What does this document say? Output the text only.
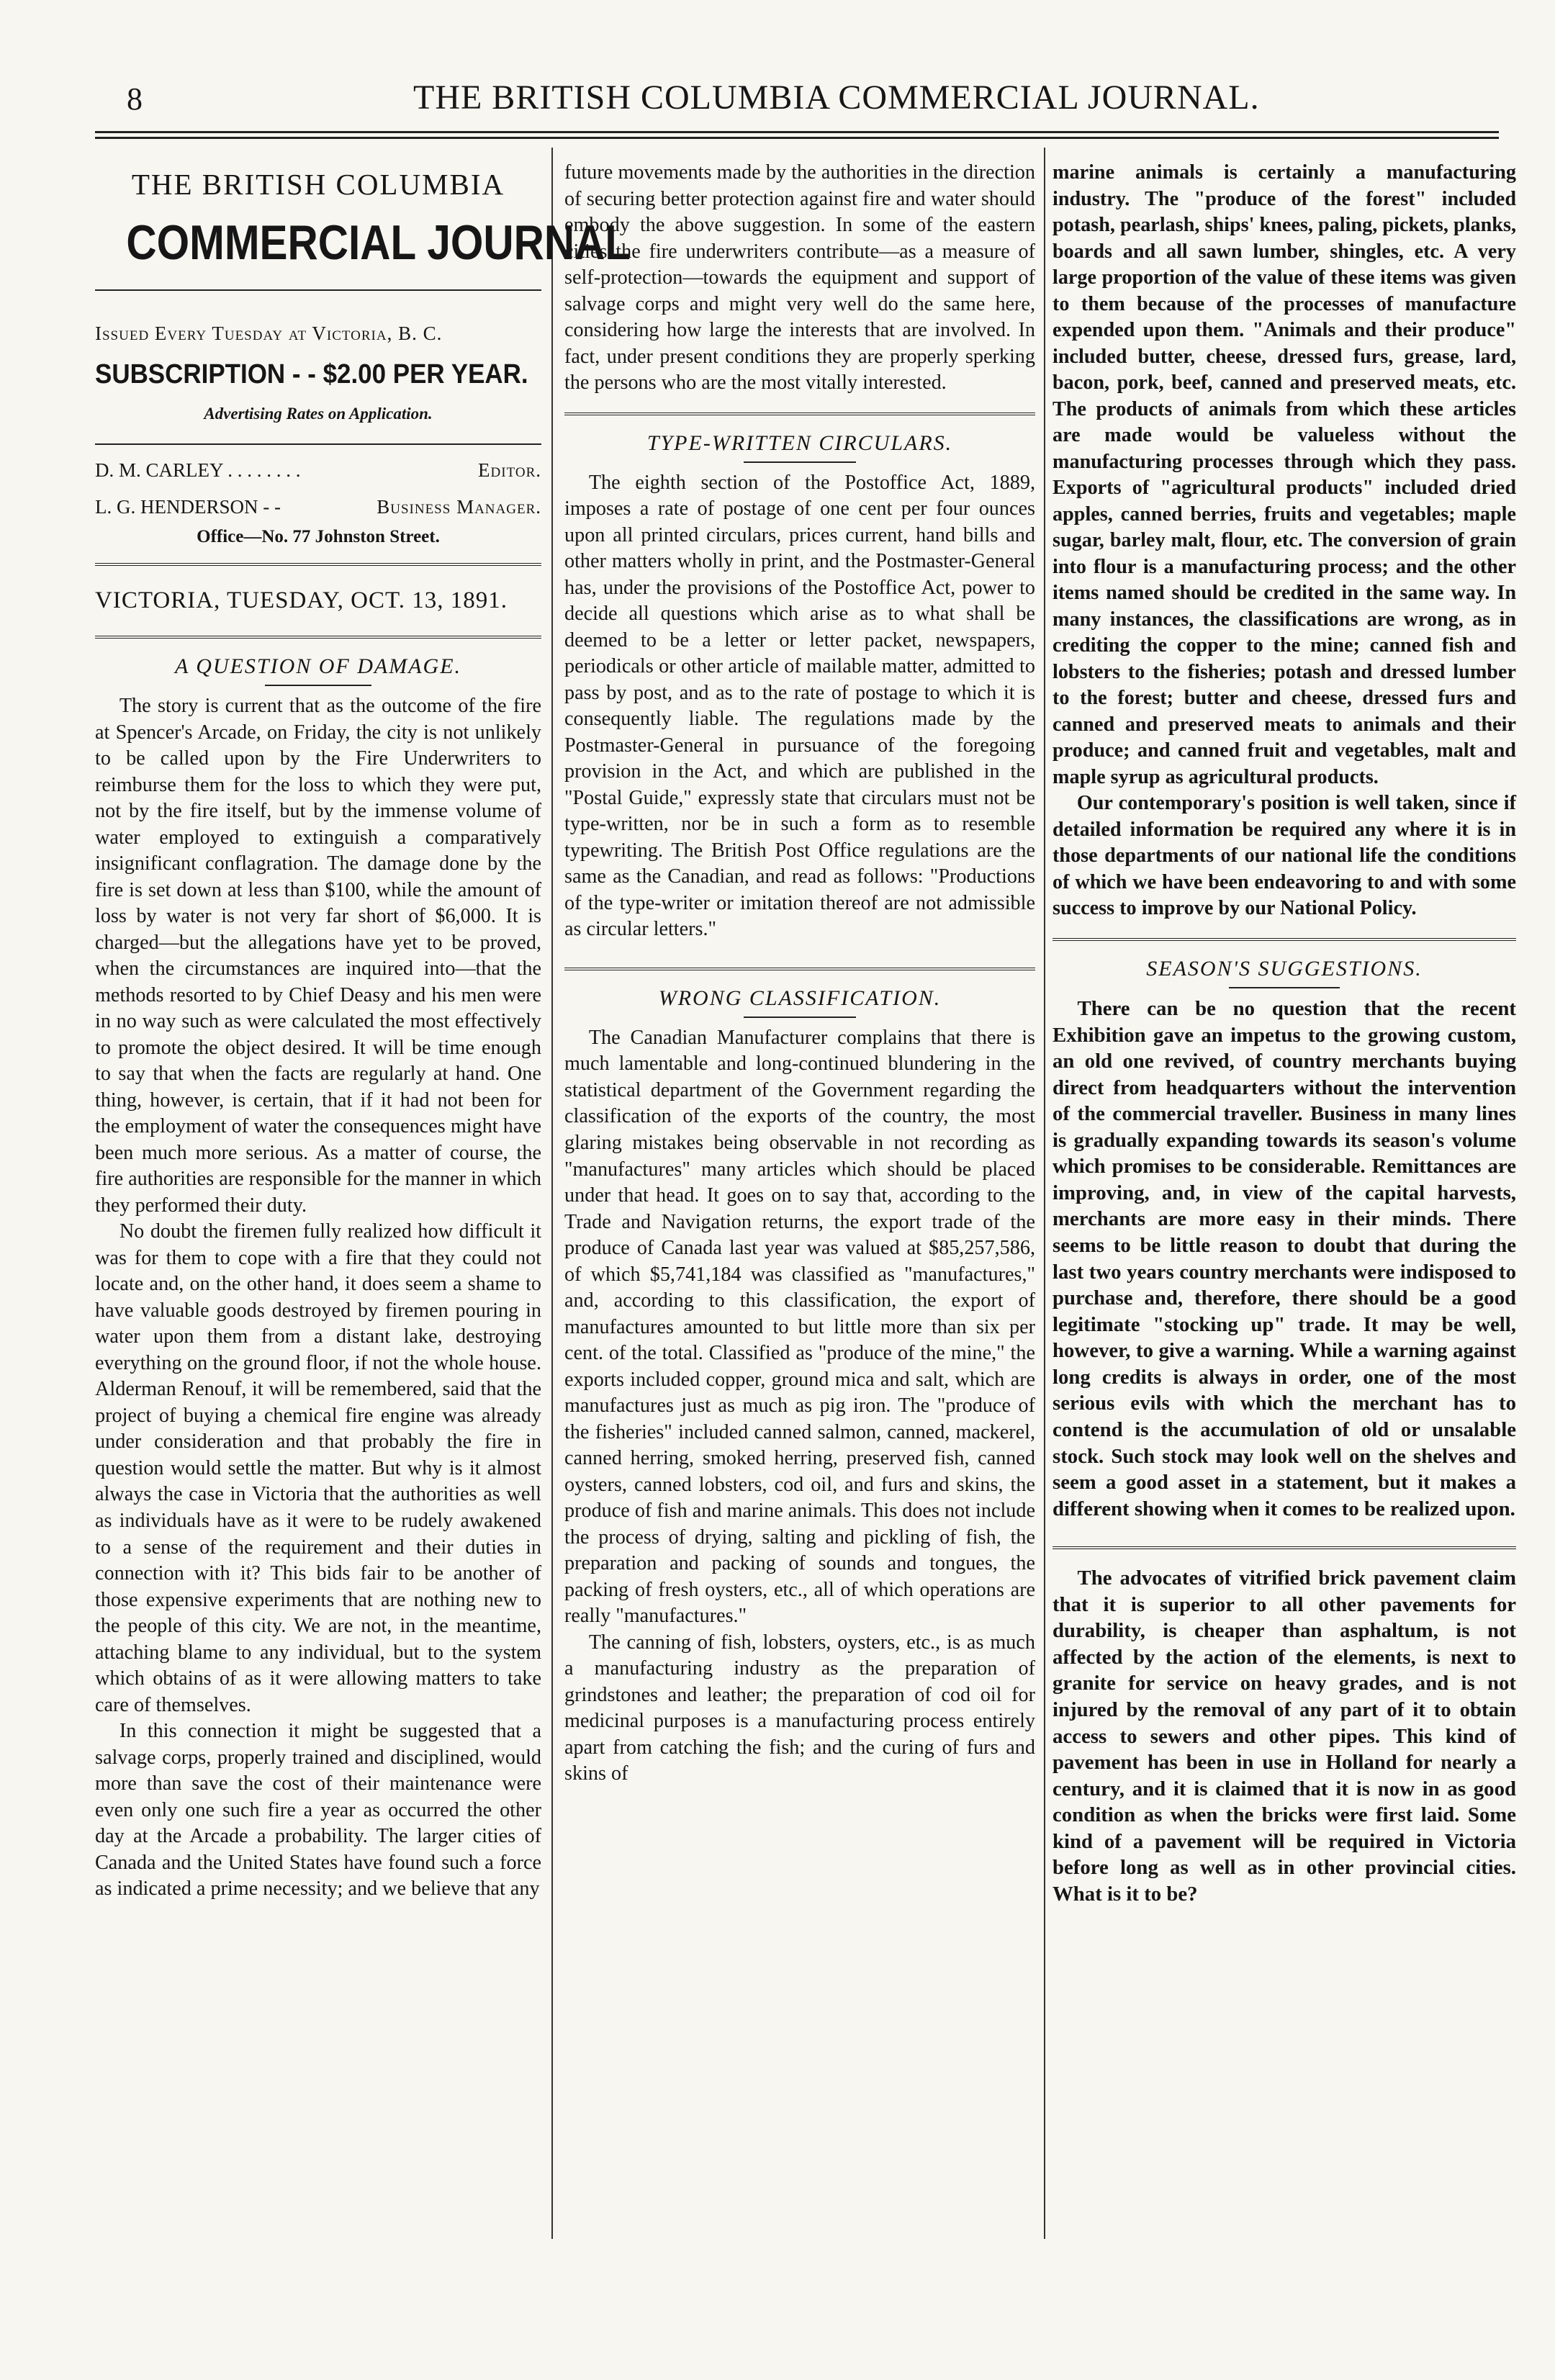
8	THE BRITISH COLUMBIA COMMERCIAL JOURNAL.
THE BRITISH COLUMBIA
COMMERCIAL JOURNAL
Issued Every Tuesday at Victoria, B. C.
SUBSCRIPTION - - $2.00 PER YEAR.
Advertising Rates on Application.
D. M. CARLEY . . . . . . . .	Editor.
L. G. HENDERSON - -	Business Manager.
Office—No. 77 Johnston Street.
VICTORIA, TUESDAY, OCT. 13, 1891.
A QUESTION OF DAMAGE.

The story is current that as the outcome of the fire at Spencer's Arcade, on Friday, the city is not unlikely to be called upon by the Fire Underwriters to reimburse them for the loss to which they were put, not by the fire itself, but by the immense volume of water employed to extinguish a comparatively insignificant conflagration. The damage done by the fire is set down at less than $100, while the amount of loss by water is not very far short of $6,000. It is charged—but the allegations have yet to be proved, when the circumstances are inquired into—that the methods resorted to by Chief Deasy and his men were in no way such as were calculated the most effectively to promote the object desired. It will be time enough to say that when the facts are regularly at hand. One thing, however, is certain, that if it had not been for the employment of water the consequences might have been much more serious. As a matter of course, the fire authorities are responsible for the manner in which they performed their duty.

No doubt the firemen fully realized how difficult it was for them to cope with a fire that they could not locate and, on the other hand, it does seem a shame to have valuable goods destroyed by firemen pouring in water upon them from a distant lake, destroying everything on the ground floor, if not the whole house. Alderman Renouf, it will be remembered, said that the project of buying a chemical fire engine was already under consideration and that probably the fire in question would settle the matter. But why is it almost always the case in Victoria that the authorities as well as individuals have as it were to be rudely awakened to a sense of the requirement and their duties in connection with it? This bids fair to be another of those expensive experiments that are nothing new to the people of this city. We are not, in the meantime, attaching blame to any individual, but to the system which obtains of as it were allowing matters to take care of themselves.

In this connection it might be suggested that a salvage corps, properly trained and disciplined, would more than save the cost of their maintenance were even only one such fire a year as occurred the other day at the Arcade a probability. The larger cities of Canada and the United States have found such a force as indicated a prime necessity; and we believe that any

future movements made by the authorities in the direction of securing better protection against fire and water should embody the above suggestion. In some of the eastern cities the fire underwriters contribute—as a measure of self-protection—towards the equipment and support of salvage corps and might very well do the same here, considering how large the interests that are involved. In fact, under present conditions they are properly sperking the persons who are the most vitally interested.

TYPE-WRITTEN CIRCULARS.

The eighth section of the Postoffice Act, 1889, imposes a rate of postage of one cent per four ounces upon all printed circulars, prices current, hand bills and other matters wholly in print, and the Postmaster-General has, under the provisions of the Postoffice Act, power to decide all questions which arise as to what shall be deemed to be a letter or letter packet, newspapers, periodicals or other article of mailable matter, admitted to pass by post, and as to the rate of postage to which it is consequently liable. The regulations made by the Postmaster-General in pursuance of the foregoing provision in the Act, and which are published in the "Postal Guide," expressly state that circulars must not be type-written, nor be in such a form as to resemble typewriting. The British Post Office regulations are the same as the Canadian, and read as follows: "Productions of the type-writer or imitation thereof are not admissible as circular letters."

WRONG CLASSIFICATION.

The Canadian Manufacturer complains that there is much lamentable and long-continued blundering in the statistical department of the Government regarding the classification of the exports of the country, the most glaring mistakes being observable in not recording as "manufactures" many articles which should be placed under that head. It goes on to say that, according to the Trade and Navigation returns, the export trade of the produce of Canada last year was valued at $85,257,586, of which $5,741,184 was classified as "manufactures," and, according to this classification, the export of manufactures amounted to but little more than six per cent. of the total. Classified as "produce of the mine," the exports included copper, ground mica and salt, which are manufactures just as much as pig iron. The "produce of the fisheries" included canned salmon, canned, mackerel, canned herring, smoked herring, preserved fish, canned oysters, canned lobsters, cod oil, and furs and skins, the produce of fish and marine animals. This does not include the process of drying, salting and pickling of fish, the preparation and packing of sounds and tongues, the packing of fresh oysters, etc., all of which operations are really "manufactures."

The canning of fish, lobsters, oysters, etc., is as much a manufacturing industry as the preparation of grindstones and leather; the preparation of cod oil for medicinal purposes is a manufacturing process entirely apart from catching the fish; and the curing of furs and skins of

marine animals is certainly a manufacturing industry. The "produce of the forest" included potash, pearlash, ships' knees, paling, pickets, planks, boards and all sawn lumber, shingles, etc. A very large proportion of the value of these items was given to them because of the processes of manufacture expended upon them. "Animals and their produce" included butter, cheese, dressed furs, grease, lard, bacon, pork, beef, canned and preserved meats, etc. The products of animals from which these articles are made would be valueless without the manufacturing processes through which they pass. Exports of "agricultural products" included dried apples, canned berries, fruits and vegetables; maple sugar, barley malt, flour, etc. The conversion of grain into flour is a manufacturing process; and the other items named should be credited in the same way. In many instances, the classifications are wrong, as in crediting the copper to the mine; canned fish and lobsters to the fisheries; potash and dressed lumber to the forest; butter and cheese, dressed furs and canned and preserved meats to animals and their produce; and canned fruit and vegetables, malt and maple syrup as agricultural products.

Our contemporary's position is well taken, since if detailed information be required any where it is in those departments of our national life the conditions of which we have been endeavoring to and with some success to improve by our National Policy.

SEASON'S SUGGESTIONS.

There can be no question that the recent Exhibition gave an impetus to the growing custom, an old one revived, of country merchants buying direct from headquarters without the intervention of the commercial traveller. Business in many lines is gradually expanding towards its season's volume which promises to be considerable. Remittances are improving, and, in view of the capital harvests, merchants are more easy in their minds. There seems to be little reason to doubt that during the last two years country merchants were indisposed to purchase and, therefore, there should be a good legitimate "stocking up" trade. It may be well, however, to give a warning. While a warning against long credits is always in order, one of the most serious evils with which the merchant has to contend is the accumulation of old or unsalable stock. Such stock may look well on the shelves and seem a good asset in a statement, but it makes a different showing when it comes to be realized upon.

The advocates of vitrified brick pavement claim that it is superior to all other pavements for durability, is cheaper than asphaltum, is not affected by the action of the elements, is next to granite for service on heavy grades, and is not injured by the removal of any part of it to obtain access to sewers and other pipes. This kind of pavement has been in use in Holland for nearly a century, and it is claimed that it is now in as good condition as when the bricks were first laid. Some kind of a pavement will be required in Victoria before long as well as in other provincial cities. What is it to be?
